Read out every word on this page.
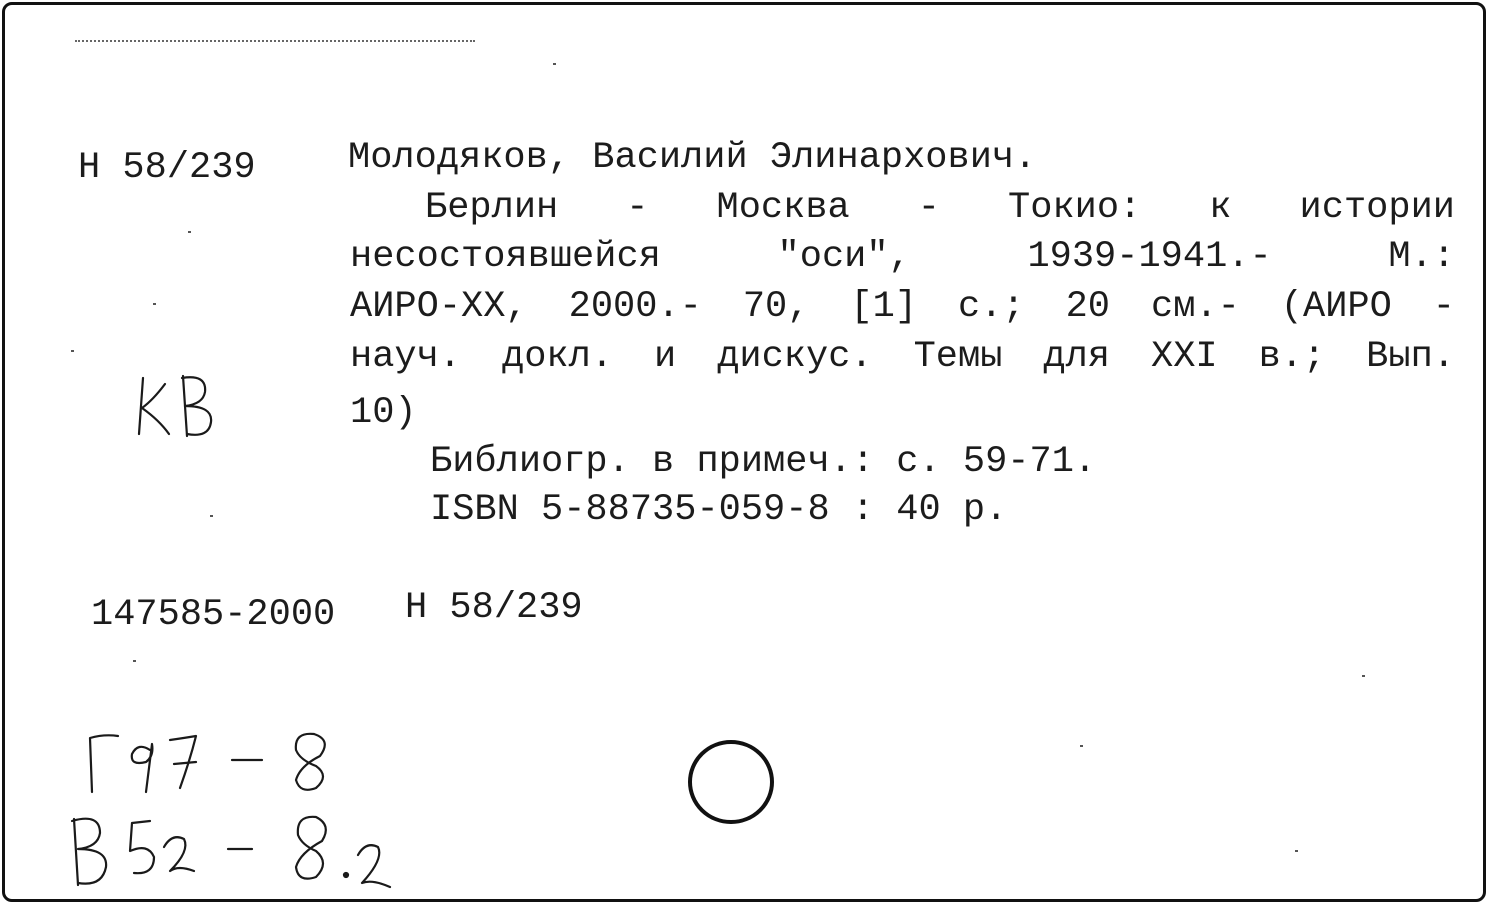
Н 58/239 Молодяков, Василий Элинархович.
Берлин - Москва - Токио: к истории
несостоявшейся	"оси",	1939-1941.-	М.:
АИРО-XX, 2000.- 70, [1] с.; 20 см.- (АИРО -
науч. докл. и дискус. Темы для XXI в.; Вып.
10)
Библиогр. в примеч.: с. 59-71.
ISBN 5-88735-059-8 : 40 р.
147585-2000 Н 58/239
